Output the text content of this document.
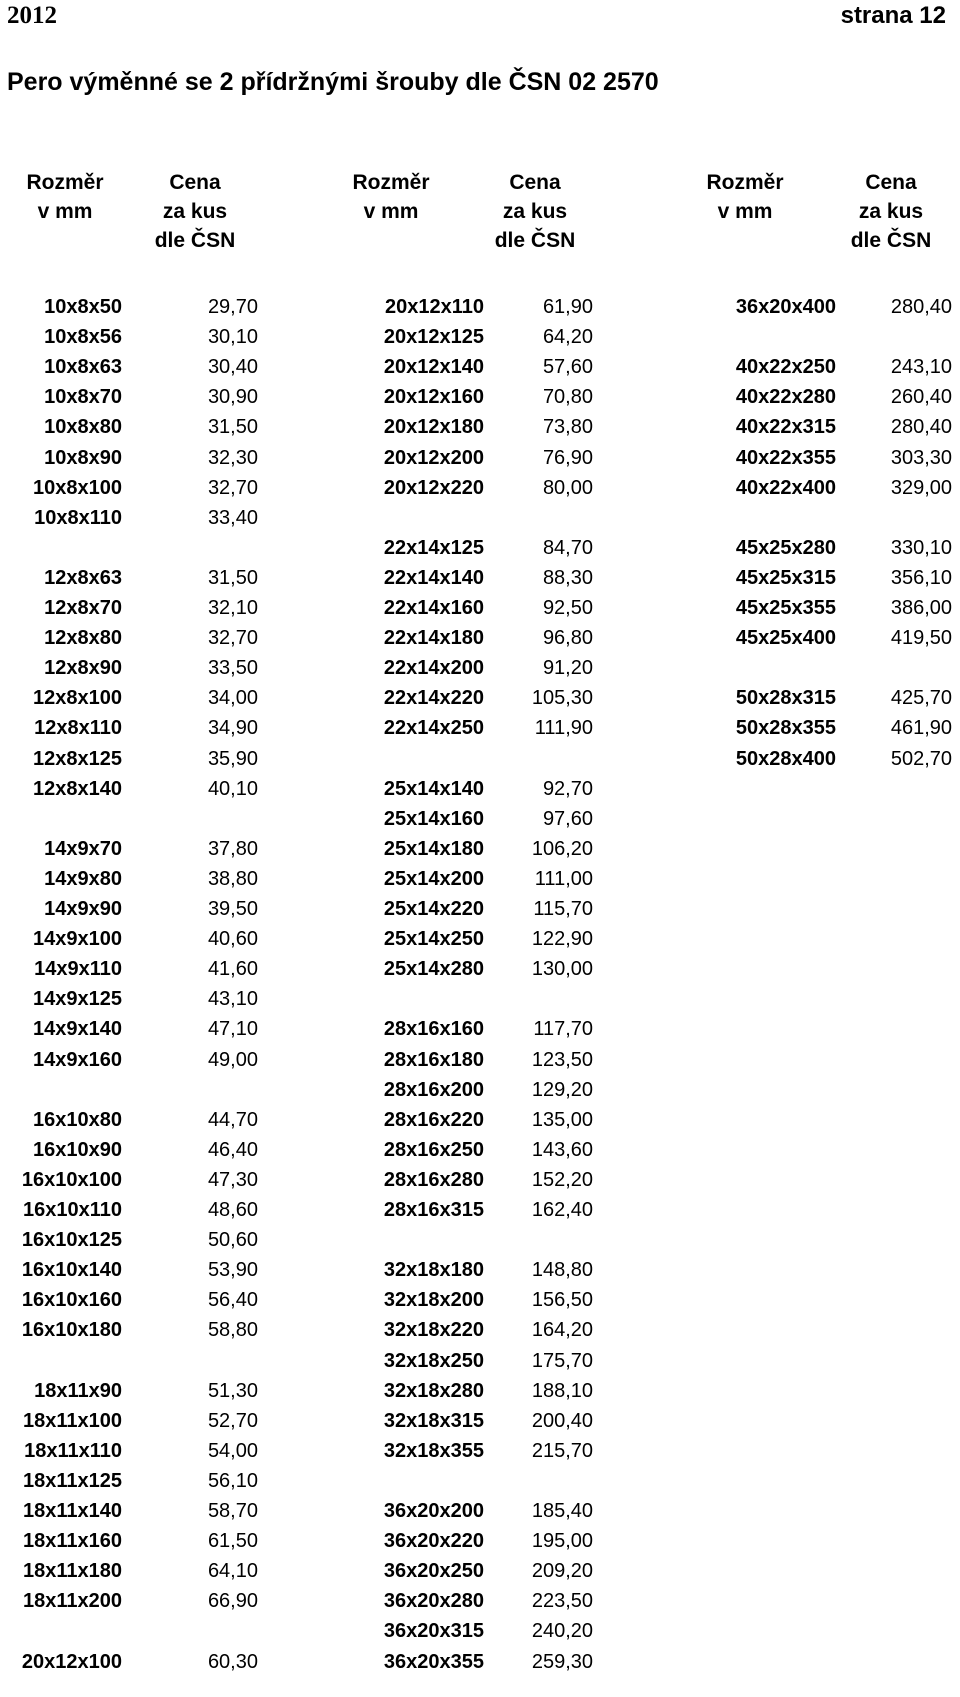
2012	strana 12
Pero výměnné se 2 přídržnými šrouby dle ČSN 02 2570
Rozměr
v mm
Cena
za kus
dle ČSN
Rozměr
v mm
Cena
za kus
dle ČSN
Rozměr
v mm
Cena
za kus
dle ČSN
10x8x50	29,70
10x8x56	30,10
10x8x63	30,40
10x8x70	30,90
10x8x80	31,50
10x8x90	32,30
10x8x100	32,70
10x8x110	33,40
12x8x63	31,50
12x8x70	32,10
12x8x80	32,70
12x8x90	33,50
12x8x100	34,00
12x8x110	34,90
12x8x125	35,90
12x8x140	40,10
14x9x70	37,80
14x9x80	38,80
14x9x90	39,50
14x9x100	40,60
14x9x110	41,60
14x9x125	43,10
14x9x140	47,10
14x9x160	49,00
16x10x80	44,70
16x10x90	46,40
16x10x100	47,30
16x10x110	48,60
16x10x125	50,60
16x10x140	53,90
16x10x160	56,40
16x10x180	58,80
18x11x90	51,30
18x11x100	52,70
18x11x110	54,00
18x11x125	56,10
18x11x140	58,70
18x11x160	61,50
18x11x180	64,10
18x11x200	66,90
20x12x100	60,30
20x12x110	61,90
20x12x125	64,20
20x12x140	57,60
20x12x160	70,80
20x12x180	73,80
20x12x200	76,90
20x12x220	80,00
22x14x125	84,70
22x14x140	88,30
22x14x160	92,50
22x14x180	96,80
22x14x200	91,20
22x14x220	105,30
22x14x250	111,90
25x14x140	92,70
25x14x160	97,60
25x14x180	106,20
25x14x200	111,00
25x14x220	115,70
25x14x250	122,90
25x14x280	130,00
28x16x160	117,70
28x16x180	123,50
28x16x200	129,20
28x16x220	135,00
28x16x250	143,60
28x16x280	152,20
28x16x315	162,40
32x18x180	148,80
32x18x200	156,50
32x18x220	164,20
32x18x250	175,70
32x18x280	188,10
32x18x315	200,40
32x18x355	215,70
36x20x200	185,40
36x20x220	195,00
36x20x250	209,20
36x20x280	223,50
36x20x315	240,20
36x20x355	259,30
36x20x400	280,40
40x22x250	243,10
40x22x280	260,40
40x22x315	280,40
40x22x355	303,30
40x22x400	329,00
45x25x280	330,10
45x25x315	356,10
45x25x355	386,00
45x25x400	419,50
50x28x315	425,70
50x28x355	461,90
50x28x400	502,70
